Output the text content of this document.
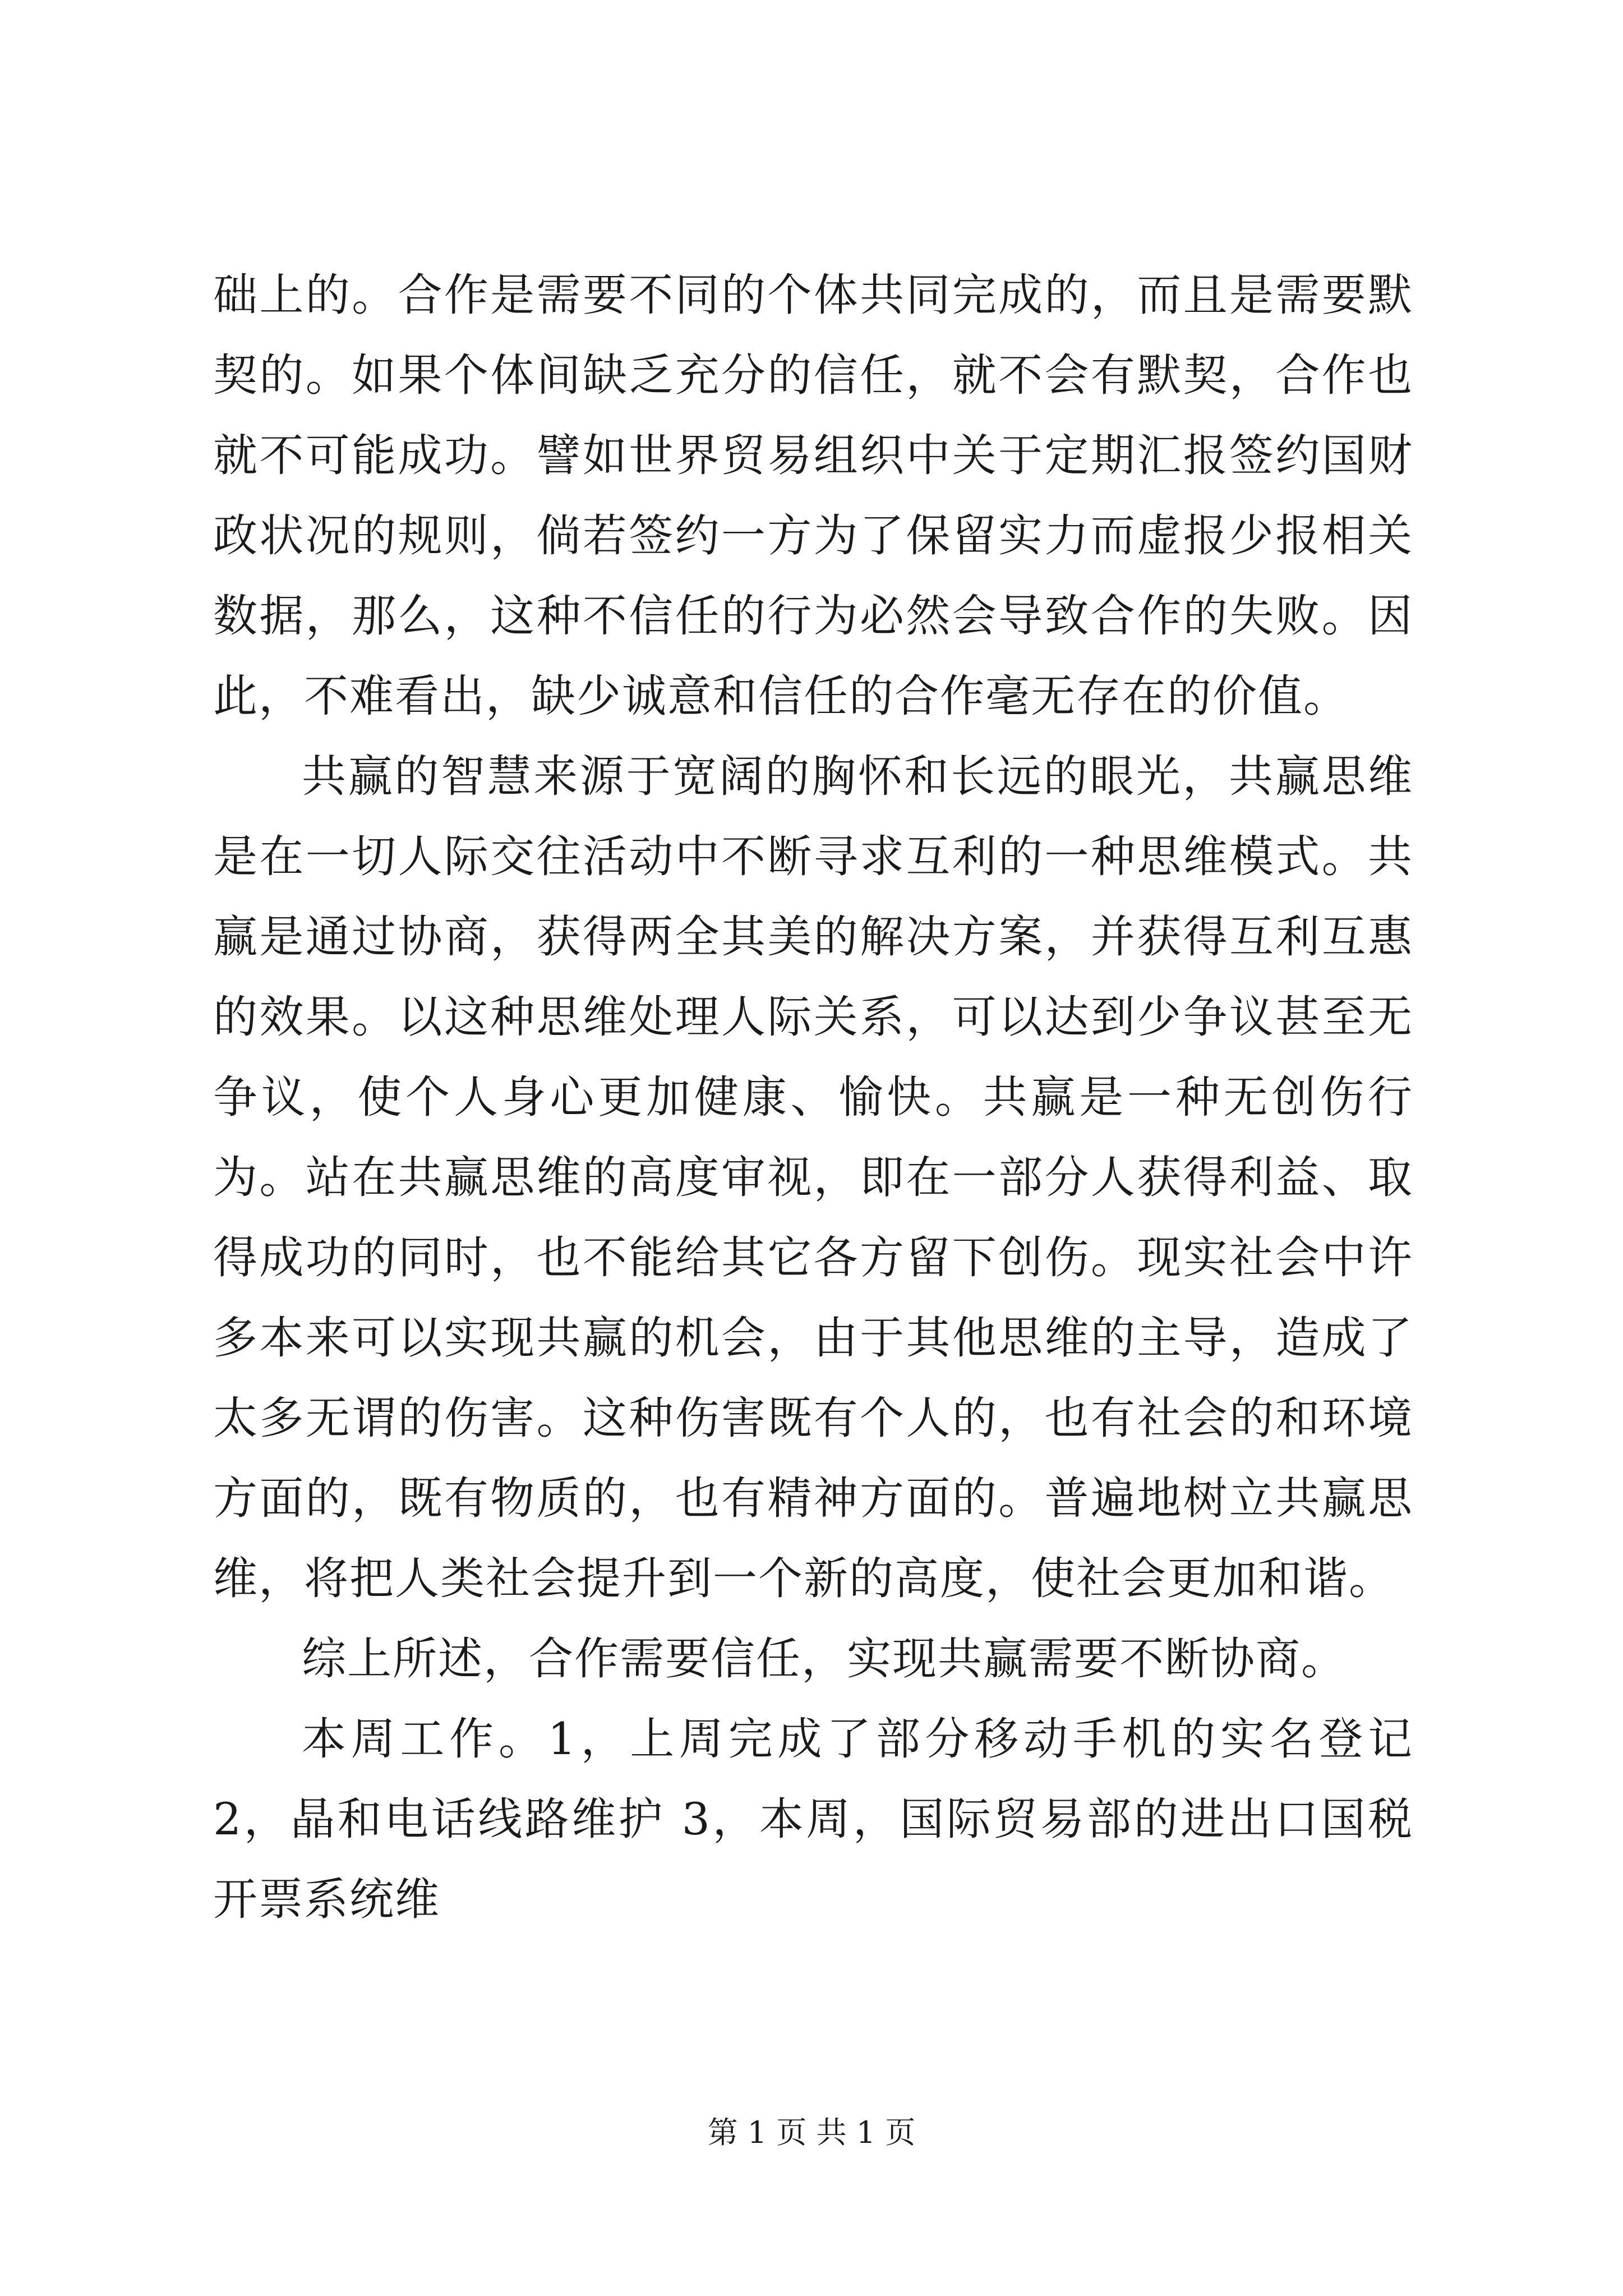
础上的。合作是需要不同的个体共同完成的，而且是需要默契的。如果个体间缺乏充分的信任，就不会有默契，合作也就不可能成功。譬如世界贸易组织中关于定期汇报签约国财政状况的规则，倘若签约一方为了保留实力而虚报少报相关数据，那么，这种不信任的行为必然会导致合作的失败。因此，不难看出，缺少诚意和信任的合作毫无存在的价值。

共赢的智慧来源于宽阔的胸怀和长远的眼光，共赢思维是在一切人际交往活动中不断寻求互利的一种思维模式。共赢是通过协商，获得两全其美的解决方案，并获得互利互惠的效果。以这种思维处理人际关系，可以达到少争议甚至无争议，使个人身心更加健康、愉快。共赢是一种无创伤行为。站在共赢思维的高度审视，即在一部分人获得利益、取得成功的同时，也不能给其它各方留下创伤。现实社会中许多本来可以实现共赢的机会，由于其他思维的主导，造成了太多无谓的伤害。这种伤害既有个人的，也有社会的和环境方面的，既有物质的，也有精神方面的。普遍地树立共赢思维，将把人类社会提升到一个新的高度，使社会更加和谐。

综上所述，合作需要信任，实现共赢需要不断协商。

本周工作。1，上周完成了部分移动手机的实名登记 2，晶和电话线路维护 3，本周，国际贸易部的进出口国税开票系统维

第 1 页 共 1 页
